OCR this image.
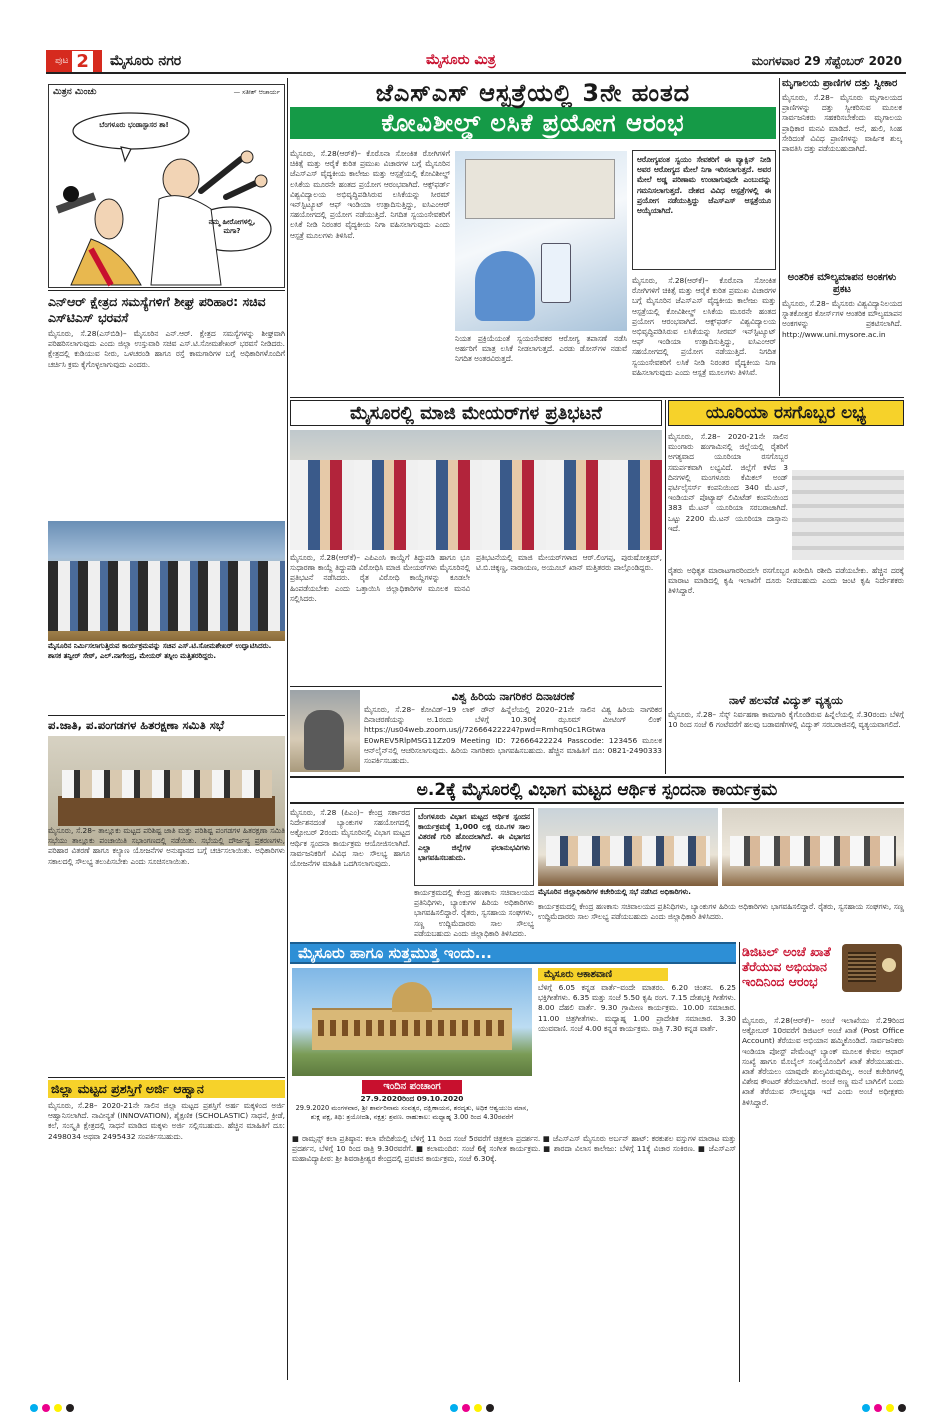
ಪುಟ 2 ಮೈಸೂರು ನಗರ	ಮೈಸೂರು ಮಿತ್ರ	ಮಂಗಳವಾರ 29 ಸೆಪ್ಟೆಂಬರ್ 2020
ಮಿತ್ರನ ಮಿಂಚು	— ಸತೀಶ್ ಆಚಾರ್ಯ
ಬೆಂಗಳೂರು ಭಂಡಾಸ್ಟಾಸರ ಶಾ!
ನಮ್ಮ ಹೀರೋಗಳಲ್ಲಿ, ಮಗಾ?
ಜೆಎಸ್‌ಎಸ್ ಆಸ್ಪತ್ರೆಯಲ್ಲಿ 3ನೇ ಹಂತದ
ಕೋವಿಶೀಲ್ಡ್ ಲಸಿಕೆ ಪ್ರಯೋಗ ಆರಂಭ
ಮೈಸೂರು, ಸೆ.28(ಆರ್‌ಕೆ)– ಕೊರೊನಾ ಸೋಂಕಿತ ರೋಗಿಗಳಿಗೆ ಚಿಕಿತ್ಸೆ ಮತ್ತು ಆರೈಕೆ ಕುರಿತ ಪ್ರಮುಖ ವಿಚಾರಗಳ ಬಗ್ಗೆ ಮೈಸೂರಿನ ಜೆಎಸ್‌ಎಸ್ ವೈದ್ಯಕೀಯ ಕಾಲೇಜು ಮತ್ತು ಆಸ್ಪತ್ರೆಯಲ್ಲಿ ಕೋವಿಶೀಲ್ಡ್ ಲಸಿಕೆಯ ಮೂರನೇ ಹಂತದ ಪ್ರಯೋಗ ಆರಂಭವಾಗಿದೆ. ಆಕ್ಸ್‌ಫರ್ಡ್ ವಿಶ್ವವಿದ್ಯಾಲಯ ಅಭಿವೃದ್ಧಿಪಡಿಸಿರುವ ಲಸಿಕೆಯನ್ನು ಸೀರಮ್ ಇನ್‌ಸ್ಟಿಟ್ಯೂಟ್ ಆಫ್ ಇಂಡಿಯಾ ಉತ್ಪಾದಿಸುತ್ತಿದ್ದು, ಐಸಿಎಂಆರ್ ಸಹಯೋಗದಲ್ಲಿ ಪ್ರಯೋಗ ನಡೆಯುತ್ತಿದೆ. ನಿಗದಿತ ಸ್ವಯಂಸೇವಕರಿಗೆ ಲಸಿಕೆ ನೀಡಿ ನಿರಂತರ ವೈದ್ಯಕೀಯ ನಿಗಾ ವಹಿಸಲಾಗುವುದು ಎಂದು ಆಸ್ಪತ್ರೆ ಮೂಲಗಳು ತಿಳಿಸಿವೆ.
ನಿಯತ ಪ್ರಕ್ರಿಯೆಯಂತೆ ಸ್ವಯಂಸೇವಕರ ಆರೋಗ್ಯ ತಪಾಸಣೆ ನಡೆಸಿ ಅರ್ಹರಿಗೆ ಮಾತ್ರ ಲಸಿಕೆ ನೀಡಲಾಗುತ್ತದೆ. ಎರಡು ಡೋಸ್‌ಗಳ ನಡುವೆ ನಿಗದಿತ ಅಂತರವಿರುತ್ತದೆ.
ಆರೋಗ್ಯವಂತ ಸ್ವಯಂ ಸೇವಕರಿಗೆ ಈ ವ್ಯಾಕ್ಸಿನ್ ನೀಡಿ ಅವರ ಆರೋಗ್ಯದ ಮೇಲೆ ನಿಗಾ ಇರಿಸಲಾಗುತ್ತದೆ. ಅವರ ಮೇಲೆ ಅಡ್ಡ ಪರಿಣಾಮ ಉಂಟಾಗುವುದೇ ಎಂಬುದನ್ನು ಗಮನಿಸಲಾಗುತ್ತದೆ. ದೇಶದ ವಿವಿಧ ಆಸ್ಪತ್ರೆಗಳಲ್ಲಿ ಈ ಪ್ರಯೋಗ ನಡೆಯುತ್ತಿದ್ದು ಜೆಎಸ್‌ಎಸ್ ಆಸ್ಪತ್ರೆಯೂ ಆಯ್ಕೆಯಾಗಿದೆ.
ಮೈಸೂರು, ಸೆ.28(ಆರ್‌ಕೆ)– ಕೊರೊನಾ ಸೋಂಕಿತ ರೋಗಿಗಳಿಗೆ ಚಿಕಿತ್ಸೆ ಮತ್ತು ಆರೈಕೆ ಕುರಿತ ಪ್ರಮುಖ ವಿಚಾರಗಳ ಬಗ್ಗೆ ಮೈಸೂರಿನ ಜೆಎಸ್‌ಎಸ್ ವೈದ್ಯಕೀಯ ಕಾಲೇಜು ಮತ್ತು ಆಸ್ಪತ್ರೆಯಲ್ಲಿ ಕೋವಿಶೀಲ್ಡ್ ಲಸಿಕೆಯ ಮೂರನೇ ಹಂತದ ಪ್ರಯೋಗ ಆರಂಭವಾಗಿದೆ. ಆಕ್ಸ್‌ಫರ್ಡ್ ವಿಶ್ವವಿದ್ಯಾಲಯ ಅಭಿವೃದ್ಧಿಪಡಿಸಿರುವ ಲಸಿಕೆಯನ್ನು ಸೀರಮ್ ಇನ್‌ಸ್ಟಿಟ್ಯೂಟ್ ಆಫ್ ಇಂಡಿಯಾ ಉತ್ಪಾದಿಸುತ್ತಿದ್ದು, ಐಸಿಎಂಆರ್ ಸಹಯೋಗದಲ್ಲಿ ಪ್ರಯೋಗ ನಡೆಯುತ್ತಿದೆ. ನಿಗದಿತ ಸ್ವಯಂಸೇವಕರಿಗೆ ಲಸಿಕೆ ನೀಡಿ ನಿರಂತರ ವೈದ್ಯಕೀಯ ನಿಗಾ ವಹಿಸಲಾಗುವುದು ಎಂದು ಆಸ್ಪತ್ರೆ ಮೂಲಗಳು ತಿಳಿಸಿವೆ.
ಮೃಗಾಲಯ ಪ್ರಾಣಿಗಳ ದತ್ತು ಸ್ವೀಕಾರ
ಮೈಸೂರು, ಸೆ.28– ಮೈಸೂರು ಮೃಗಾಲಯದ ಪ್ರಾಣಿಗಳನ್ನು ದತ್ತು ಸ್ವೀಕರಿಸುವ ಮೂಲಕ ಸಾರ್ವಜನಿಕರು ಸಹಕರಿಸಬೇಕೆಂದು ಮೃಗಾಲಯ ಪ್ರಾಧಿಕಾರ ಮನವಿ ಮಾಡಿದೆ. ಆನೆ, ಹುಲಿ, ಸಿಂಹ ಸೇರಿದಂತೆ ವಿವಿಧ ಪ್ರಾಣಿಗಳನ್ನು ವಾರ್ಷಿಕ ಶುಲ್ಕ ಪಾವತಿಸಿ ದತ್ತು ಪಡೆಯಬಹುದಾಗಿದೆ.
ಅಂತರಿಕ ಮೌಲ್ಯಮಾಪನ ಅಂಕಗಳು ಪ್ರಕಟ
ಮೈಸೂರು, ಸೆ.28– ಮೈಸೂರು ವಿಶ್ವವಿದ್ಯಾನಿಲಯದ ಸ್ನಾತಕೋತ್ತರ ಕೋರ್ಸ್‌ಗಳ ಆಂತರಿಕ ಮೌಲ್ಯಮಾಪನ ಅಂಕಗಳನ್ನು ಪ್ರಕಟಿಸಲಾಗಿದೆ. http://www.uni.mysore.ac.in
ಎನ್‌ಆರ್ ಕ್ಷೇತ್ರದ ಸಮಸ್ಯೆಗಳಿಗೆ ಶೀಘ್ರ ಪರಿಹಾರ: ಸಚಿವ ಎಸ್‌ಟಿಎಸ್ ಭರವಸೆ
ಮೈಸೂರು, ಸೆ.28(ಎಸ್‌ಬಿಡಿ)– ಮೈಸೂರಿನ ಎನ್.ಆರ್. ಕ್ಷೇತ್ರದ ಸಮಸ್ಯೆಗಳನ್ನು ಶೀಘ್ರವಾಗಿ ಪರಿಹರಿಸಲಾಗುವುದು ಎಂದು ಜಿಲ್ಲಾ ಉಸ್ತುವಾರಿ ಸಚಿವ ಎಸ್.ಟಿ.ಸೋಮಶೇಖರ್ ಭರವಸೆ ನೀಡಿದರು. ಕ್ಷೇತ್ರದಲ್ಲಿ ಕುಡಿಯುವ ನೀರು, ಒಳಚರಂಡಿ ಹಾಗೂ ರಸ್ತೆ ಕಾಮಗಾರಿಗಳ ಬಗ್ಗೆ ಅಧಿಕಾರಿಗಳೊಂದಿಗೆ ಚರ್ಚಿಸಿ ಕ್ರಮ ಕೈಗೊಳ್ಳಲಾಗುವುದು ಎಂದರು.
ಮೈಸೂರಿನ ನಿರ್ಮಿಸಲಾಗುತ್ತಿರುವ ಕಾರ್ಯಕ್ರಮವನ್ನು ಸಚಿವ ಎಸ್.ಟಿ.ಸೋಮಶೇಖರ್ ಉದ್ಘಾಟಿಸಿದರು. ಶಾಸಕ ತನ್ವೀರ್ ಸೇಠ್, ಎಲ್.ನಾಗೇಂದ್ರ, ಮೇಯರ್ ತಸ್ನೀಂ ಮತ್ತಿತರರಿದ್ದರು.
ಪ.ಜಾತಿ, ಪ.ಪಂಗಡಗಳ ಹಿತರಕ್ಷಣಾ ಸಮಿತಿ ಸಭೆ
ಮೈಸೂರು, ಸೆ.28– ತಾಲ್ಲೂಕು ಮಟ್ಟದ ಪರಿಶಿಷ್ಟ ಜಾತಿ ಮತ್ತು ಪರಿಶಿಷ್ಟ ಪಂಗಡಗಳ ಹಿತರಕ್ಷಣಾ ಸಮಿತಿ ಸಭೆಯು ತಾಲ್ಲೂಕು ಪಂಚಾಯಿತಿ ಸಭಾಂಗಣದಲ್ಲಿ ನಡೆಯಿತು. ಸಭೆಯಲ್ಲಿ ದೌರ್ಜನ್ಯ ಪ್ರಕರಣಗಳು, ಪರಿಹಾರ ವಿತರಣೆ ಹಾಗೂ ಕಲ್ಯಾಣ ಯೋಜನೆಗಳ ಅನುಷ್ಠಾನದ ಬಗ್ಗೆ ಚರ್ಚಿಸಲಾಯಿತು. ಅಧಿಕಾರಿಗಳು ಸಕಾಲದಲ್ಲಿ ಸೌಲಭ್ಯ ತಲುಪಿಸಬೇಕು ಎಂದು ಸೂಚಿಸಲಾಯಿತು.
ಜಿಲ್ಲಾ ಮಟ್ಟದ ಪ್ರಶಸ್ತಿಗೆ ಅರ್ಜಿ ಆಹ್ವಾನ
ಮೈಸೂರು, ಸೆ.28– 2020-21ನೇ ಸಾಲಿನ ಜಿಲ್ಲಾ ಮಟ್ಟದ ಪ್ರಶಸ್ತಿಗೆ ಅರ್ಹ ಮಕ್ಕಳಿಂದ ಅರ್ಜಿ ಆಹ್ವಾನಿಸಲಾಗಿದೆ. ನಾವೀನ್ಯತೆ (INNOVATION), ಶೈಕ್ಷಣಿಕ (SCHOLASTIC) ಸಾಧನೆ, ಕ್ರೀಡೆ, ಕಲೆ, ಸಂಸ್ಕೃತಿ ಕ್ಷೇತ್ರದಲ್ಲಿ ಸಾಧನೆ ಮಾಡಿದ ಮಕ್ಕಳು ಅರ್ಜಿ ಸಲ್ಲಿಸಬಹುದು. ಹೆಚ್ಚಿನ ಮಾಹಿತಿಗೆ ದೂ: 2498034 ಅಥವಾ 2495432 ಸಂಪರ್ಕಿಸಬಹುದು.
ಮೈಸೂರಲ್ಲಿ ಮಾಜಿ ಮೇಯರ್‌ಗಳ ಪ್ರತಿಭಟನೆ
ಮೈಸೂರು, ಸೆ.28(ಆರ್‌ಕೆ)– ಎಪಿಎಂಸಿ ಕಾಯ್ದೆಗೆ ತಿದ್ದುಪಡಿ ಹಾಗೂ ಭೂ ಸುಧಾರಣಾ ಕಾಯ್ದೆ ತಿದ್ದುಪಡಿ ವಿರೋಧಿಸಿ ಮಾಜಿ ಮೇಯರ್‌ಗಳು ಮೈಸೂರಿನಲ್ಲಿ ಪ್ರತಿಭಟನೆ ನಡೆಸಿದರು. ರೈತ ವಿರೋಧಿ ಕಾಯ್ದೆಗಳನ್ನು ಕೂಡಲೇ ಹಿಂಪಡೆಯಬೇಕು ಎಂದು ಒತ್ತಾಯಿಸಿ ಜಿಲ್ಲಾಧಿಕಾರಿಗಳ ಮೂಲಕ ಮನವಿ ಸಲ್ಲಿಸಿದರು.
ಪ್ರತಿಭಟನೆಯಲ್ಲಿ ಮಾಜಿ ಮೇಯರ್‌ಗಳಾದ ಆರ್.ಲಿಂಗಪ್ಪ, ಪುರುಷೋತ್ತಮ್, ಟಿ.ಬಿ.ಚಿಕ್ಕಣ್ಣ, ನಾರಾಯಣ, ಅಯೂಬ್ ಖಾನ್ ಮತ್ತಿತರರು ಪಾಲ್ಗೊಂಡಿದ್ದರು.
ಯೂರಿಯಾ ರಸಗೊಬ್ಬರ ಲಭ್ಯ
ಮೈಸೂರು, ಸೆ.28– 2020-21ನೇ ಸಾಲಿನ ಮುಂಗಾರು ಹಂಗಾಮಿನಲ್ಲಿ ಜಿಲ್ಲೆಯಲ್ಲಿ ರೈತರಿಗೆ ಅಗತ್ಯವಾದ ಯೂರಿಯಾ ರಸಗೊಬ್ಬರ ಸಮರ್ಪಕವಾಗಿ ಲಭ್ಯವಿದೆ. ಜಿಲ್ಲೆಗೆ ಕಳೆದ 3 ದಿನಗಳಲ್ಲಿ ಮಂಗಳೂರು ಕೆಮಿಕಲ್ ಅಂಡ್ ಫರ್ಟಿಲೈಸರ್ಸ್ ಕಂಪನಿಯಿಂದ 340 ಮೆ.ಟನ್, ಇಂಡಿಯನ್ ಪೊಟ್ಯಾಷ್ ಲಿಮಿಟೆಡ್ ಕಂಪನಿಯಿಂದ 383 ಮೆ.ಟನ್ ಯೂರಿಯಾ ಸರಬರಾಜಾಗಿದೆ. ಒಟ್ಟು 2200 ಮೆ.ಟನ್ ಯೂರಿಯಾ ದಾಸ್ತಾನು ಇದೆ.
ರೈತರು ಅಧಿಕೃತ ಮಾರಾಟಗಾರರಿಂದಲೇ ರಸಗೊಬ್ಬರ ಖರೀದಿಸಿ ರಶೀದಿ ಪಡೆಯಬೇಕು. ಹೆಚ್ಚಿನ ದರಕ್ಕೆ ಮಾರಾಟ ಮಾಡಿದಲ್ಲಿ ಕೃಷಿ ಇಲಾಖೆಗೆ ದೂರು ನೀಡಬಹುದು ಎಂದು ಜಂಟಿ ಕೃಷಿ ನಿರ್ದೇಶಕರು ತಿಳಿಸಿದ್ದಾರೆ.
ನಾಳೆ ಹಲವೆಡೆ ವಿದ್ಯುತ್ ವ್ಯತ್ಯಯ
ಮೈಸೂರು, ಸೆ.28– ಸೆಸ್ಕ್ ನಿರ್ವಹಣಾ ಕಾಮಗಾರಿ ಕೈಗೊಂಡಿರುವ ಹಿನ್ನೆಲೆಯಲ್ಲಿ ಸೆ.30ರಂದು ಬೆಳಿಗ್ಗೆ 10 ರಿಂದ ಸಂಜೆ 6 ಗಂಟೆವರೆಗೆ ಹಲವು ಬಡಾವಣೆಗಳಲ್ಲಿ ವಿದ್ಯುತ್ ಸರಬರಾಜಿನಲ್ಲಿ ವ್ಯತ್ಯಯವಾಗಲಿದೆ.
ವಿಶ್ವ ಹಿರಿಯ ನಾಗರಿಕರ ದಿನಾಚರಣೆ
ಮೈಸೂರು, ಸೆ.28– ಕೋವಿಡ್–19 ಲಾಕ್ ಡೌನ್ ಹಿನ್ನೆಲೆಯಲ್ಲಿ 2020–21ನೇ ಸಾಲಿನ ವಿಶ್ವ ಹಿರಿಯ ನಾಗರಿಕರ ದಿನಾಚರಣೆಯನ್ನು ಅ.1ರಂದು ಬೆಳಿಗ್ಗೆ 10.30ಕ್ಕೆ ಝೂಮ್ ಮೀಟಿಂಗ್ ಲಿಂಕ್ https://us04web.zoom.us/j/72666422224?pwd=RmhqS0c1RGtwa E0wREV5RlpMSG11Zz09 Meeting ID: 72666422224 Passcode: 123456 ಮೂಲಕ ಆನ್‌ಲೈನ್‌ನಲ್ಲಿ ಆಚರಿಸಲಾಗುವುದು. ಹಿರಿಯ ನಾಗರಿಕರು ಭಾಗವಹಿಸಬಹುದು. ಹೆಚ್ಚಿನ ಮಾಹಿತಿಗೆ ದೂ: 0821-2490333 ಸಂಪರ್ಕಿಸಬಹುದು.
ಅ.2ಕ್ಕೆ ಮೈಸೂರಲ್ಲಿ ವಿಭಾಗ ಮಟ್ಟದ ಆರ್ಥಿಕ ಸ್ಪಂದನಾ ಕಾರ್ಯಕ್ರಮ
ಮೈಸೂರು, ಸೆ.28 (ಪಿಎಂ)– ಕೇಂದ್ರ ಸರ್ಕಾರದ ನಿರ್ದೇಶನದಂತೆ ಬ್ಯಾಂಕುಗಳ ಸಹಯೋಗದಲ್ಲಿ ಅಕ್ಟೋಬರ್ 2ರಂದು ಮೈಸೂರಿನಲ್ಲಿ ವಿಭಾಗ ಮಟ್ಟದ ಆರ್ಥಿಕ ಸ್ಪಂದನಾ ಕಾರ್ಯಕ್ರಮ ಆಯೋಜಿಸಲಾಗಿದೆ. ಸಾರ್ವಜನಿಕರಿಗೆ ವಿವಿಧ ಸಾಲ ಸೌಲಭ್ಯ ಹಾಗೂ ಯೋಜನೆಗಳ ಮಾಹಿತಿ ಒದಗಿಸಲಾಗುವುದು.
ಬೆಂಗಳೂರು ವಿಭಾಗ ಮಟ್ಟದ ಆರ್ಥಿಕ ಸ್ಪಂದನ ಕಾರ್ಯಕ್ರಮಕ್ಕೆ 1,000 ಲಕ್ಷ ರೂ.ಗಳ ಸಾಲ ವಿತರಣೆ ಗುರಿ ಹೊಂದಲಾಗಿದೆ. ಈ ವಿಭಾಗದ ಎಲ್ಲಾ ಜಿಲ್ಲೆಗಳ ಫಲಾನುಭವಿಗಳು ಭಾಗವಹಿಸಬಹುದು.
ಕಾರ್ಯಕ್ರಮದಲ್ಲಿ ಕೇಂದ್ರ ಹಣಕಾಸು ಸಚಿವಾಲಯದ ಪ್ರತಿನಿಧಿಗಳು, ಬ್ಯಾಂಕುಗಳ ಹಿರಿಯ ಅಧಿಕಾರಿಗಳು ಭಾಗವಹಿಸಲಿದ್ದಾರೆ. ರೈತರು, ಸ್ವಸಹಾಯ ಸಂಘಗಳು, ಸಣ್ಣ ಉದ್ದಿಮೆದಾರರು ಸಾಲ ಸೌಲಭ್ಯ ಪಡೆಯಬಹುದು ಎಂದು ಜಿಲ್ಲಾಧಿಕಾರಿ ತಿಳಿಸಿದರು.
ಮೈಸೂರಿನ ಜಿಲ್ಲಾಧಿಕಾರಿಗಳ ಕಚೇರಿಯಲ್ಲಿ ಸಭೆ ನಡೆಸಿದ ಅಧಿಕಾರಿಗಳು.
ಕಾರ್ಯಕ್ರಮದಲ್ಲಿ ಕೇಂದ್ರ ಹಣಕಾಸು ಸಚಿವಾಲಯದ ಪ್ರತಿನಿಧಿಗಳು, ಬ್ಯಾಂಕುಗಳ ಹಿರಿಯ ಅಧಿಕಾರಿಗಳು ಭಾಗವಹಿಸಲಿದ್ದಾರೆ. ರೈತರು, ಸ್ವಸಹಾಯ ಸಂಘಗಳು, ಸಣ್ಣ ಉದ್ದಿಮೆದಾರರು ಸಾಲ ಸೌಲಭ್ಯ ಪಡೆಯಬಹುದು ಎಂದು ಜಿಲ್ಲಾಧಿಕಾರಿ ತಿಳಿಸಿದರು.
ಮೈಸೂರು ಹಾಗೂ ಸುತ್ತಮುತ್ತ ಇಂದು...
ಇಂದಿನ ಪಂಚಾಂಗ
27.9.2020ರಿಂದ 09.10.2020
29.9.2020 ಮಂಗಳವಾರ, ಶ್ರೀ ಶಾರ್ವರಿನಾಮ ಸಂವತ್ಸರ, ದಕ್ಷಿಣಾಯನ, ಶರದೃತು, ಅಧಿಕ ಆಶ್ವಯುಜ ಮಾಸ, ಶುಕ್ಲ ಪಕ್ಷ, ತಿಥಿ: ತ್ರಯೋದಶಿ, ನಕ್ಷತ್ರ: ಶ್ರವಣ. ರಾಹುಕಾಲ: ಮಧ್ಯಾಹ್ನ 3.00 ರಿಂದ 4.30ರವರೆಗೆ
ಮೈಸೂರು ಆಕಾಶವಾಣಿ
ಬೆಳಿಗ್ಗೆ 6.05 ಕನ್ನಡ ವಾರ್ತೆ–ವಂದೇ ಮಾತರಂ. 6.20 ಚಿಂತನ. 6.25 ಭಕ್ತಿಗೀತೆಗಳು. 6.35 ಮತ್ತು ಸಂಜೆ 5.50 ಕೃಷಿ ರಂಗ. 7.15 ದೇಶಭಕ್ತಿ ಗೀತೆಗಳು. 8.00 ದೆಹಲಿ ವಾರ್ತೆ. 9.30 ಗ್ರಾಮೀಣ ಕಾರ್ಯಕ್ರಮ. 10.00 ಸಮಾಚಾರ. 11.00 ಚಿತ್ರಗೀತೆಗಳು. ಮಧ್ಯಾಹ್ನ 1.00 ಪ್ರಾದೇಶಿಕ ಸಮಾಚಾರ. 3.30 ಯುವವಾಣಿ. ಸಂಜೆ 4.00 ಕನ್ನಡ ಕಾರ್ಯಕ್ರಮ. ರಾತ್ರಿ 7.30 ಕನ್ನಡ ವಾರ್ತೆ.
■ ರಾಮ್ಸನ್ಸ್ ಕಲಾ ಪ್ರತಿಷ್ಠಾನ: ಕಲಾ ವೇದಿಕೆಯಲ್ಲಿ ಬೆಳಿಗ್ಗೆ 11 ರಿಂದ ಸಂಜೆ 5ರವರೆಗೆ ಚಿತ್ರಕಲಾ ಪ್ರದರ್ಶನ. ■ ಜೆಎಸ್‌ಎಸ್ ಮೈಸೂರು ಅರ್ಬನ್ ಹಾಟ್: ಕರಕುಶಲ ವಸ್ತುಗಳ ಮಾರಾಟ ಮತ್ತು ಪ್ರದರ್ಶನ, ಬೆಳಿಗ್ಗೆ 10 ರಿಂದ ರಾತ್ರಿ 9.30ರವರೆಗೆ. ■ ಕಲಾಮಂದಿರ: ಸಂಜೆ 6ಕ್ಕೆ ಸಂಗೀತ ಕಾರ್ಯಕ್ರಮ. ■ ಶಾರದಾ ವಿಲಾಸ ಕಾಲೇಜು: ಬೆಳಿಗ್ಗೆ 11ಕ್ಕೆ ವಿಚಾರ ಸಂಕಿರಣ. ■ ಜೆಎಸ್‌ಎಸ್ ಮಹಾವಿದ್ಯಾಪೀಠ: ಶ್ರೀ ಶಿವರಾತ್ರೀಶ್ವರ ಕೇಂದ್ರದಲ್ಲಿ ಪ್ರವಚನ ಕಾರ್ಯಕ್ರಮ, ಸಂಜೆ 6.30ಕ್ಕೆ.
ಡಿಜಿಟಲ್ ಅಂಚೆ ಖಾತೆ ತೆರೆಯುವ ಅಭಿಯಾನ ಇಂದಿನಿಂದ ಆರಂಭ
ಮೈಸೂರು, ಸೆ.28(ಆರ್‌ಕೆ)– ಅಂಚೆ ಇಲಾಖೆಯು ಸೆ.29ರಿಂದ ಅಕ್ಟೋಬರ್ 10ರವರೆಗೆ ಡಿಜಿಟಲ್ ಅಂಚೆ ಖಾತೆ (Post Office Account) ತೆರೆಯುವ ಅಭಿಯಾನ ಹಮ್ಮಿಕೊಂಡಿದೆ. ಸಾರ್ವಜನಿಕರು ಇಂಡಿಯಾ ಪೋಸ್ಟ್ ಪೇಮೆಂಟ್ಸ್ ಬ್ಯಾಂಕ್ ಮೂಲಕ ಕೇವಲ ಆಧಾರ್ ಸಂಖ್ಯೆ ಹಾಗೂ ಮೊಬೈಲ್ ಸಂಖ್ಯೆಯೊಂದಿಗೆ ಖಾತೆ ತೆರೆಯಬಹುದು. ಖಾತೆ ತೆರೆಯಲು ಯಾವುದೇ ಶುಲ್ಕವಿರುವುದಿಲ್ಲ. ಅಂಚೆ ಕಚೇರಿಗಳಲ್ಲಿ ವಿಶೇಷ ಕೌಂಟರ್ ತೆರೆಯಲಾಗಿದೆ. ಅಂಚೆ ಅಣ್ಣ ಮನೆ ಬಾಗಿಲಿಗೆ ಬಂದು ಖಾತೆ ತೆರೆಯುವ ಸೌಲಭ್ಯವೂ ಇದೆ ಎಂದು ಅಂಚೆ ಅಧೀಕ್ಷಕರು ತಿಳಿಸಿದ್ದಾರೆ.
